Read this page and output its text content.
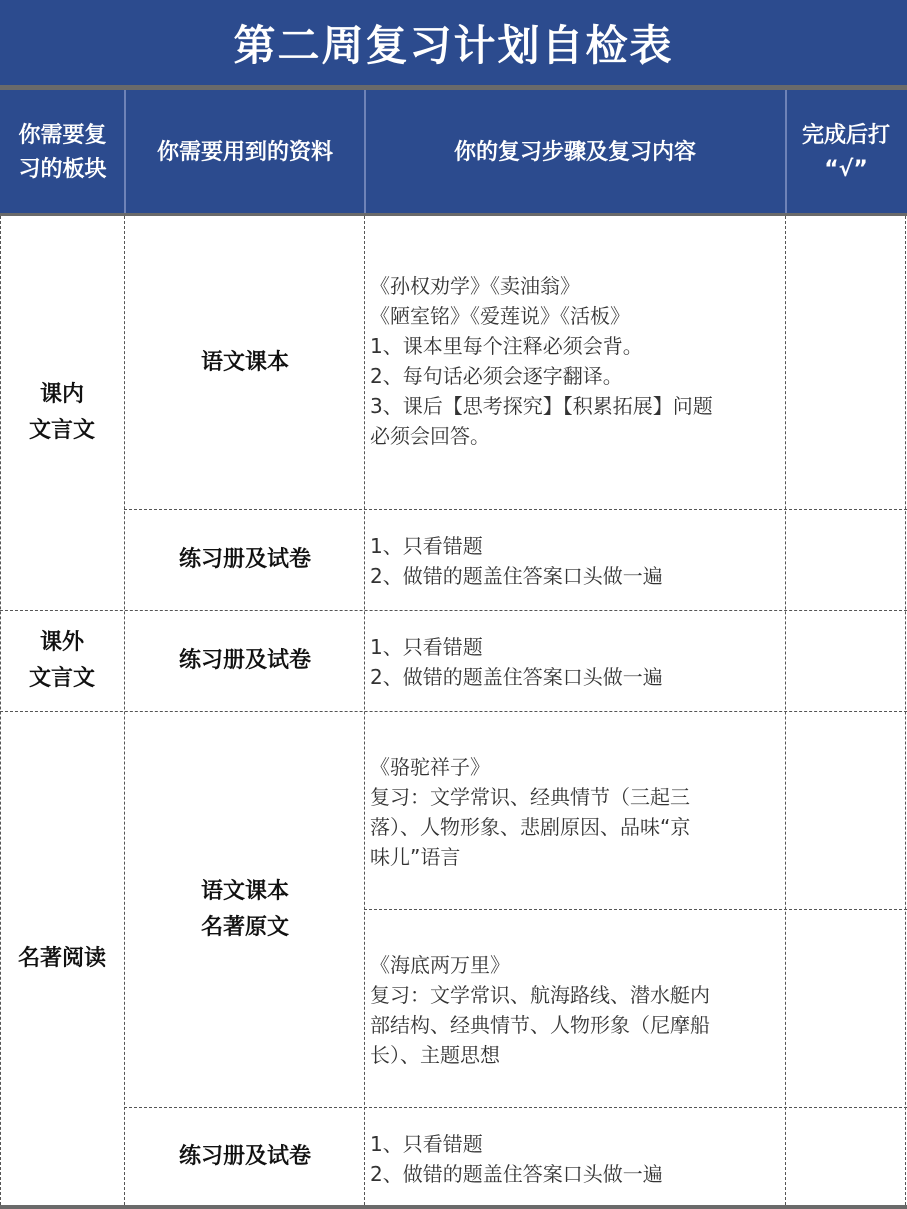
第二周复习计划自检表
你需要复
习的板块
你需要用到的资料	你的复习步骤及复习内容
完成后打
“√”
课内
文言文
语文课本
《孙权劝学》《卖油翁》
《陋室铭》《爱莲说》《活板》
1、课本里每个注释必须会背。
2、每句话必须会逐字翻译。
3、课后【思考探究】【积累拓展】问题
必须会回答。
练习册及试卷
1、只看错题
2、做错的题盖住答案口头做一遍
课外
文言文
练习册及试卷
1、只看错题
2、做错的题盖住答案口头做一遍
名著阅读
语文课本
名著原文
《骆驼祥子》
复习：文学常识、经典情节（三起三
落）、人物形象、悲剧原因、品味“京
味儿”语言
《海底两万里》
复习：文学常识、航海路线、潜水艇内
部结构、经典情节、人物形象（尼摩船
长）、主题思想
练习册及试卷	1、只看错题
2、做错的题盖住答案口头做一遍
